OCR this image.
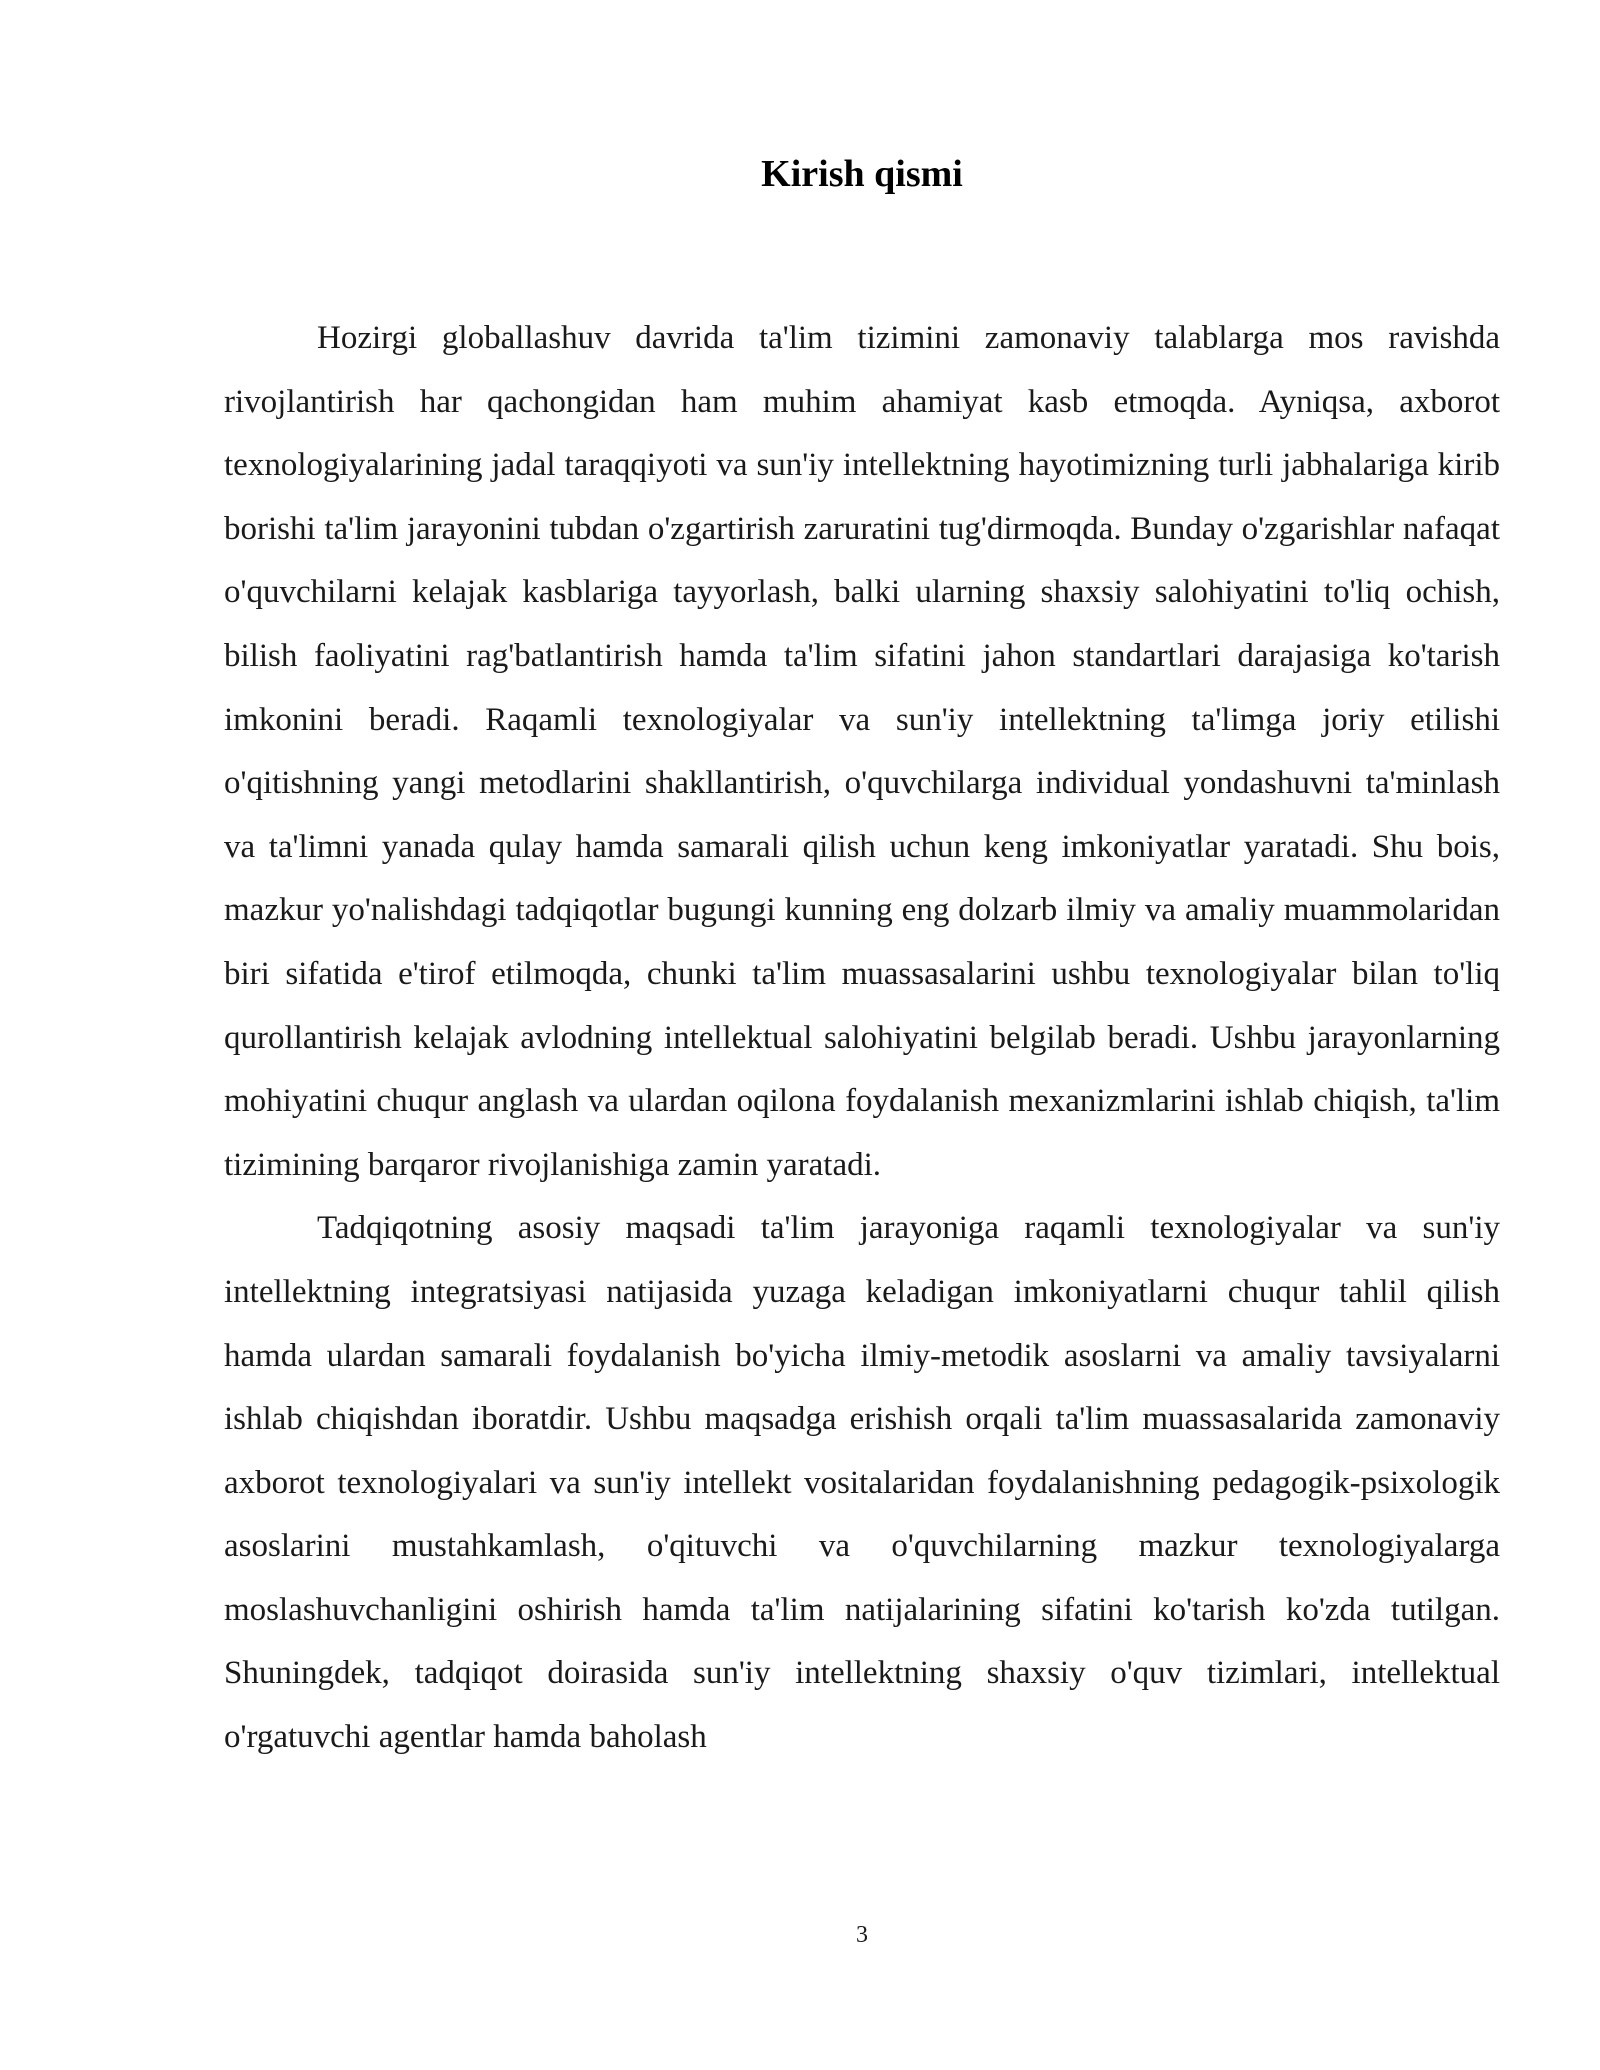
Kirish qismi

Hozirgi globallashuv davrida ta'lim tizimini zamonaviy talablarga mos ravishda rivojlantirish har qachongidan ham muhim ahamiyat kasb etmoqda. Ayniqsa, axborot texnologiyalarining jadal taraqqiyoti va sun'iy intellektning hayotimizning turli jabhalariga kirib borishi ta'lim jarayonini tubdan o'zgartirish zaruratini tug'dirmoqda. Bunday o'zgarishlar nafaqat o'quvchilarni kelajak kasblariga tayyorlash, balki ularning shaxsiy salohiyatini to'liq ochish, bilish faoliyatini rag'batlantirish hamda ta'lim sifatini jahon standartlari darajasiga ko'tarish imkonini beradi. Raqamli texnologiyalar va sun'iy intellektning ta'limga joriy etilishi o'qitishning yangi metodlarini shakllantirish, o'quvchilarga individual yondashuvni ta'minlash va ta'limni yanada qulay hamda samarali qilish uchun keng imkoniyatlar yaratadi. Shu bois, mazkur yo'nalishdagi tadqiqotlar bugungi kunning eng dolzarb ilmiy va amaliy muammolaridan biri sifatida e'tirof etilmoqda, chunki ta'lim muassasalarini ushbu texnologiyalar bilan to'liq qurollantirish kelajak avlodning intellektual salohiyatini belgilab beradi. Ushbu jarayonlarning mohiyatini chuqur anglash va ulardan oqilona foydalanish mexanizmlarini ishlab chiqish, ta'lim tizimining barqaror rivojlanishiga zamin yaratadi.

Tadqiqotning asosiy maqsadi ta'lim jarayoniga raqamli texnologiyalar va sun'iy intellektning integratsiyasi natijasida yuzaga keladigan imkoniyatlarni chuqur tahlil qilish hamda ulardan samarali foydalanish bo'yicha ilmiy-metodik asoslarni va amaliy tavsiyalarni ishlab chiqishdan iboratdir. Ushbu maqsadga erishish orqali ta'lim muassasalarida zamonaviy axborot texnologiyalari va sun'iy intellekt vositalaridan foydalanishning pedagogik-psixologik asoslarini mustahkamlash, o'qituvchi va o'quvchilarning mazkur texnologiyalarga moslashuvchanligini oshirish hamda ta'lim natijalarining sifatini ko'tarish ko'zda tutilgan. Shuningdek, tadqiqot doirasida sun'iy intellektning shaxsiy o'quv tizimlari, intellektual o'rgatuvchi agentlar hamda baholash

3
